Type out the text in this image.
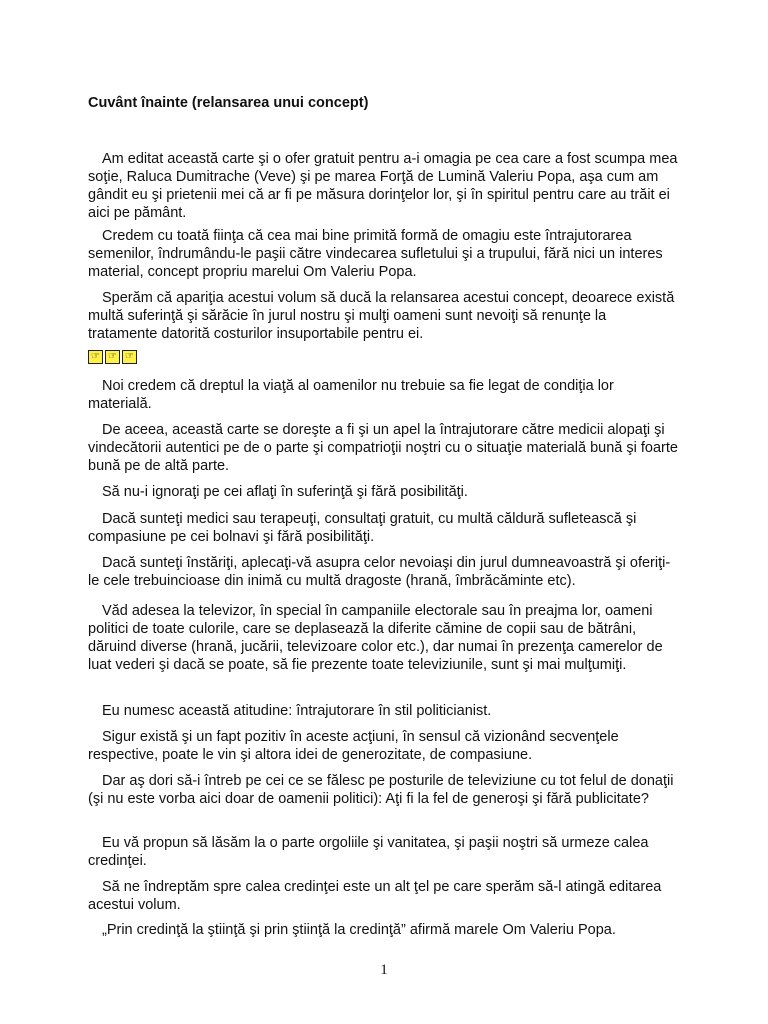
Cuvânt înainte (relansarea unui concept)

Am editat această carte şi o ofer gratuit pentru a-i omagia pe cea care a fost scumpa mea soţie, Raluca Dumitrache (Veve) şi pe marea Forţă de Lumină Valeriu Popa, aşa cum am gândit eu şi prietenii mei că ar fi pe măsura dorinţelor lor, şi în spiritul pentru care au trăit ei aici pe pământ.

Credem cu toată fiinţa că cea mai bine primită formă de omagiu este întrajutorarea semenilor, îndrumându-le paşii către vindecarea sufletului şi a trupului, fără nici un interes material, concept propriu marelui Om Valeriu Popa.

Sperăm că apariţia acestui volum să ducă la relansarea acestui concept, deoarece există multă suferinţă şi sărăcie în jurul nostru şi mulţi oameni sunt nevoiţi să renunţe la tratamente datorită costurilor insuportabile pentru ei.

☞ ☞ ☞

Noi credem că dreptul la viaţă al oamenilor nu trebuie sa fie legat de condiţia lor materială.

De aceea, această carte se doreşte a fi şi un apel la întrajutorare către medicii alopaţi şi vindecătorii autentici pe de o parte şi compatrioţii noştri cu o situaţie materială bună şi foarte bună pe de altă parte.

Să nu-i ignoraţi pe cei aflaţi în suferinţă şi fără posibilităţi.

Dacă sunteţi medici sau terapeuţi, consultaţi gratuit, cu multă căldură sufletească şi compasiune pe cei bolnavi şi fără posibilităţi.

Dacă sunteţi înstăriţi, aplecaţi-vă asupra celor nevoiaşi din jurul dumneavoastră şi oferiţi-le cele trebuincioase din inimă cu multă dragoste (hrană, îmbrăcăminte etc).

Văd adesea la televizor, în special în campaniile electorale sau în preajma lor, oameni politici de toate culorile, care se deplasează la diferite cămine de copii sau de bătrâni, dăruind diverse (hrană, jucării, televizoare color etc.), dar numai în prezenţa camerelor de luat vederi şi dacă se poate, să fie prezente toate televiziunile, sunt şi mai mulţumiţi.

Eu numesc această atitudine: întrajutorare în stil politicianist.

Sigur există şi un fapt pozitiv în aceste acţiuni, în sensul că vizionând secvenţele respective, poate le vin şi altora idei de generozitate, de compasiune.

Dar aş dori să-i întreb pe cei ce se fălesc pe posturile de televiziune cu tot felul de donaţii (şi nu este vorba aici doar de oamenii politici): Aţi fi la fel de generoşi şi fără publicitate?

Eu vă propun să lăsăm la o parte orgoliile şi vanitatea, şi paşii noştri să urmeze calea credinţei.

Să ne îndreptăm spre calea credinţei este un alt ţel pe care sperăm să-l atingă editarea acestui volum.

„Prin credinţă la ştiinţă şi prin ştiinţă la credinţă” afirmă marele Om Valeriu Popa.

1
